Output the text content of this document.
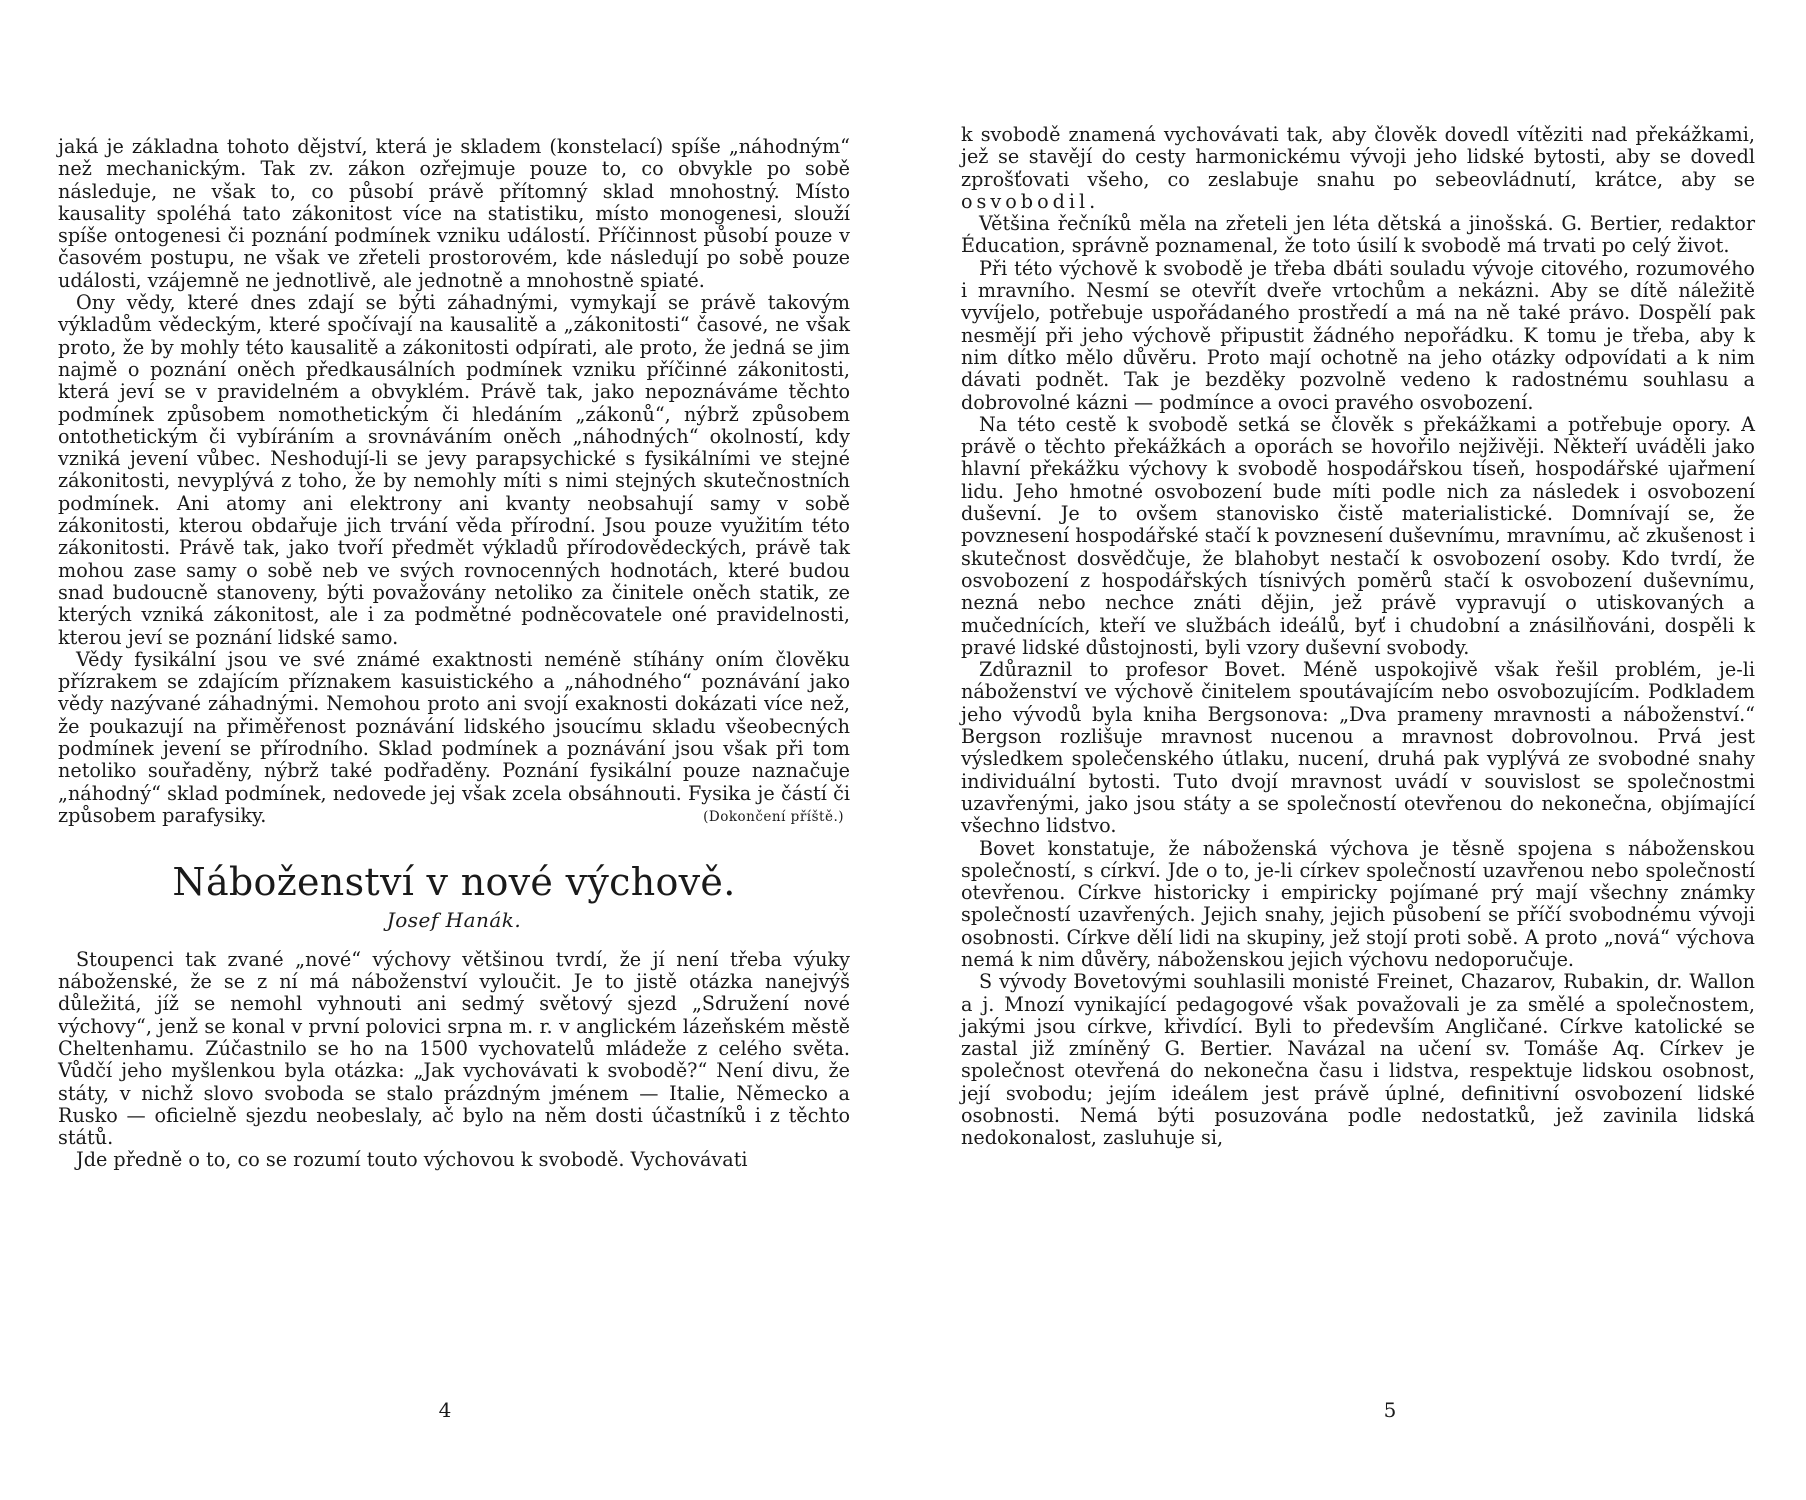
jaká je základna tohoto dějství, která je skladem (konstelací) spíše „náhodným“ než mechanickým. Tak zv. zákon ozřejmuje pouze to, co obvykle po sobě následuje, ne však to, co působí právě přítomný sklad mnohostný. Místo kausality spoléhá tato zákonitost více na statistiku, místo monogenesi, slouží spíše ontogenesi či poznání podmínek vzniku událostí. Příčinnost působí pouze v časovém postupu, ne však ve zřeteli prostorovém, kde následují po sobě pouze události, vzájemně ne jednotlivě, ale jednotně a mnohostně spiaté.

Ony vědy, které dnes zdají se býti záhadnými, vymykají se právě takovým výkladům vědeckým, které spočívají na kausalitě a „zákonitosti“ časové, ne však proto, že by mohly této kausalitě a zákonitosti odpírati, ale proto, že jedná se jim najmě o poznání oněch předkausálních podmínek vzniku příčinné zákonitosti, která jeví se v pravidelném a obvyklém. Právě tak, jako nepoznáváme těchto podmínek způsobem nomothetickým či hledáním „zákonů“, nýbrž způsobem ontothetickým či vybíráním a srovnáváním oněch „náhodných“ okolností, kdy vzniká jevení vůbec. Neshodují-li se jevy parapsychické s fysikálními ve stejné zákonitosti, nevyplývá z toho, že by nemohly míti s nimi stejných skutečnostních podmínek. Ani atomy ani elektrony ani kvanty neobsahují samy v sobě zákonitosti, kterou obdařuje jich trvání věda přírodní. Jsou pouze využitím této zákonitosti. Právě tak, jako tvoří předmět výkladů přírodovědeckých, právě tak mohou zase samy o sobě neb ve svých rovnocenných hodnotách, které budou snad budoucně stanoveny, býti považovány netoliko za činitele oněch statik, ze kterých vzniká zákonitost, ale i za podmětné podněcovatele oné pravidelnosti, kterou jeví se poznání lidské samo.

Vědy fysikální jsou ve své známé exaktnosti neméně stíhány oním člověku přízrakem se zdajícím příznakem kasuistického a „náhodného“ poznávání jako vědy nazývané záhadnými. Nemohou proto ani svojí exaknosti dokázati více než, že poukazují na přiměřenost poznávání lidského jsoucímu skladu všeobecných podmínek jevení se přírodního. Sklad podmínek a poznávání jsou však při tom netoliko souřaděny, nýbrž také podřaděny. Poznání fysikální pouze naznačuje „náhodný“ sklad podmínek, nedovede jej však zcela obsáhnouti. Fysika je částí či způsobem parafysiky.	(Dokončení příště.)
Náboženství v nové výchově.
Josef Hanák.

Stoupenci tak zvané „nové“ výchovy většinou tvrdí, že jí není třeba výuky náboženské, že se z ní má náboženství vyloučit. Je to jistě otázka nanejvýš důležitá, jíž se nemohl vyhnouti ani sedmý světový sjezd „Sdružení nové výchovy“, jenž se konal v první polovici srpna m. r. v anglickém lázeňském městě Cheltenhamu. Zúčastnilo se ho na 1500 vychovatelů mládeže z celého světa. Vůdčí jeho myšlenkou byla otázka: „Jak vychovávati k svobodě?“ Není divu, že státy, v nichž slovo svoboda se stalo prázdným jménem — Italie, Německo a Rusko — oficielně sjezdu neobeslaly, ač bylo na něm dosti účastníků i z těchto států.

Jde předně o to, co se rozumí touto výchovou k svobodě. Vychovávati

4

k svobodě znamená vychovávati tak, aby člověk dovedl vítěziti nad překážkami, jež se stavějí do cesty harmonickému vývoji jeho lidské bytosti, aby se dovedl zprošťovati všeho, co zeslabuje snahu po sebeovládnutí, krátce, aby se osvobodil.

Většina řečníků měla na zřeteli jen léta dětská a jinošská. G. Bertier, redaktor Éducation, správně poznamenal, že toto úsilí k svobodě má trvati po celý život.

Při této výchově k svobodě je třeba dbáti souladu vývoje citového, rozumového i mravního. Nesmí se otevřít dveře vrtochům a nekázni. Aby se dítě náležitě vyvíjelo, potřebuje uspořádaného prostředí a má na ně také právo. Dospělí pak nesmějí při jeho výchově připustit žádného nepořádku. K tomu je třeba, aby k nim dítko mělo důvěru. Proto mají ochotně na jeho otázky odpovídati a k nim dávati podnět. Tak je bezděky pozvolně vedeno k radostnému souhlasu a dobrovolné kázni — podmínce a ovoci pravého osvobození.

Na této cestě k svobodě setká se člověk s překážkami a potřebuje opory. A právě o těchto překážkách a oporách se hovořilo nejživěji. Někteří uváděli jako hlavní překážku výchovy k svobodě hospodářskou tíseň, hospodářské ujařmení lidu. Jeho hmotné osvobození bude míti podle nich za následek i osvobození duševní. Je to ovšem stanovisko čistě materialistické. Domnívají se, že povznesení hospodářské stačí k povznesení duševnímu, mravnímu, ač zkušenost i skutečnost dosvědčuje, že blahobyt nestačí k osvobození osoby. Kdo tvrdí, že osvobození z hospodářských tísnivých poměrů stačí k osvobození duševnímu, nezná nebo nechce znáti dějin, jež právě vypravují o utiskovaných a mučednících, kteří ve službách ideálů, byť i chudobní a znásilňováni, dospěli k pravé lidské důstojnosti, byli vzory duševní svobody.

Zdůraznil to profesor Bovet. Méně uspokojivě však řešil problém, je-li náboženství ve výchově činitelem spoutávajícím nebo osvobozujícím. Podkladem jeho vývodů byla kniha Bergsonova: „Dva prameny mravnosti a náboženství.“ Bergson rozlišuje mravnost nucenou a mravnost dobrovolnou. Prvá jest výsledkem společenského útlaku, nucení, druhá pak vyplývá ze svobodné snahy individuální bytosti. Tuto dvojí mravnost uvádí v souvislost se společnostmi uzavřenými, jako jsou státy a se společností otevřenou do nekonečna, objímající všechno lidstvo.

Bovet konstatuje, že náboženská výchova je těsně spojena s náboženskou společností, s církví. Jde o to, je-li církev společností uzavřenou nebo společností otevřenou. Církve historicky i empiricky pojímané prý mají všechny známky společností uzavřených. Jejich snahy, jejich působení se příčí svobodnému vývoji osobnosti. Církve dělí lidi na skupiny, jež stojí proti sobě. A proto „nová“ výchova nemá k nim důvěry, náboženskou jejich výchovu nedoporučuje.

S vývody Bovetovými souhlasili monisté Freinet, Chazarov, Rubakin, dr. Wallon a j. Mnozí vynikající pedagogové však považovali je za smělé a společnostem, jakými jsou církve, křivdící. Byli to především Angličané. Církve katolické se zastal již zmíněný G. Bertier. Navázal na učení sv. Tomáše Aq. Církev je společnost otevřená do nekonečna času i lidstva, respektuje lidskou osobnost, její svobodu; jejím ideálem jest právě úplné, definitivní osvobození lidské osobnosti. Nemá býti posuzována podle nedostatků, jež zavinila lidská nedokonalost, zasluhuje si,

5
